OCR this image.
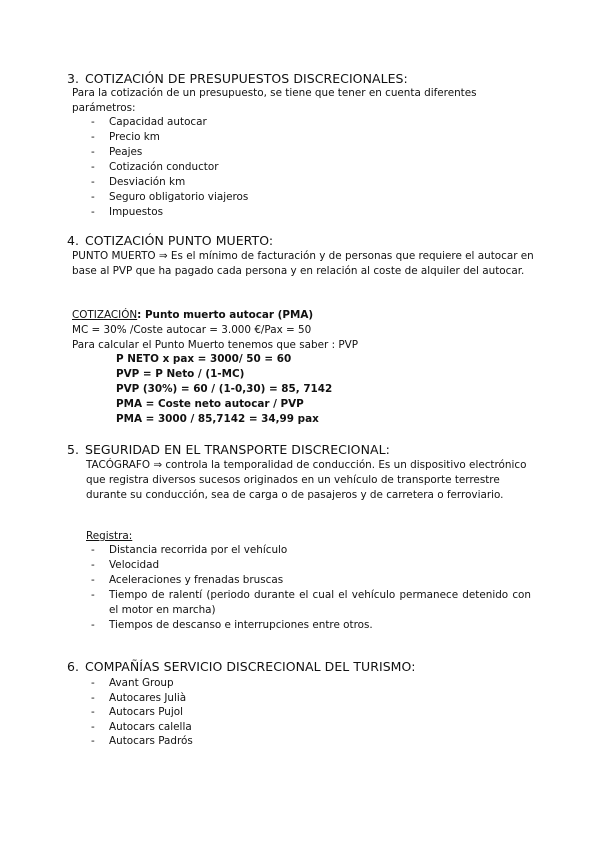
3. COTIZACIÓN DE PRESUPUESTOS DISCRECIONALES:

Para la cotización de un presupuesto, se tiene que tener en cuenta diferentes parámetros:

- Capacidad autocar
- Precio km
- Peajes
- Cotización conductor
- Desviación km
- Seguro obligatorio viajeros
- Impuestos
4. COTIZACIÓN PUNTO MUERTO:

PUNTO MUERTO ⇒ Es el mínimo de facturación y de personas que requiere el autocar en base al PVP que ha pagado cada persona y en relación al coste de alquiler del autocar.

COTIZACIÓN: Punto muerto autocar (PMA)
MC = 30% /Coste autocar = 3.000 €/Pax = 50
Para calcular el Punto Muerto tenemos que saber : PVP
P NETO x pax = 3000/ 50 = 60
PVP = P Neto / (1-MC)
PVP (30%) = 60 / (1-0,30) = 85, 7142
PMA = Coste neto autocar / PVP
PMA = 3000 / 85,7142 = 34,99 pax
5. SEGURIDAD EN EL TRANSPORTE DISCRECIONAL:

TACÓGRAFO ⇒ controla la temporalidad de conducción. Es un dispositivo electrónico que registra diversos sucesos originados en un vehículo de transporte terrestre durante su conducción, sea de carga o de pasajeros y de carretera o ferroviario.

Registra:
- Distancia recorrida por el vehículo
- Velocidad
- Aceleraciones y frenadas bruscas
- Tiempo de ralentí (periodo durante el cual el vehículo permanece detenido con el motor en marcha)
- Tiempos de descanso e interrupciones entre otros.
6. COMPAÑÍAS SERVICIO DISCRECIONAL DEL TURISMO:
- Avant Group
- Autocares Julià
- Autocars Pujol
- Autocars calella
- Autocars Padrós
